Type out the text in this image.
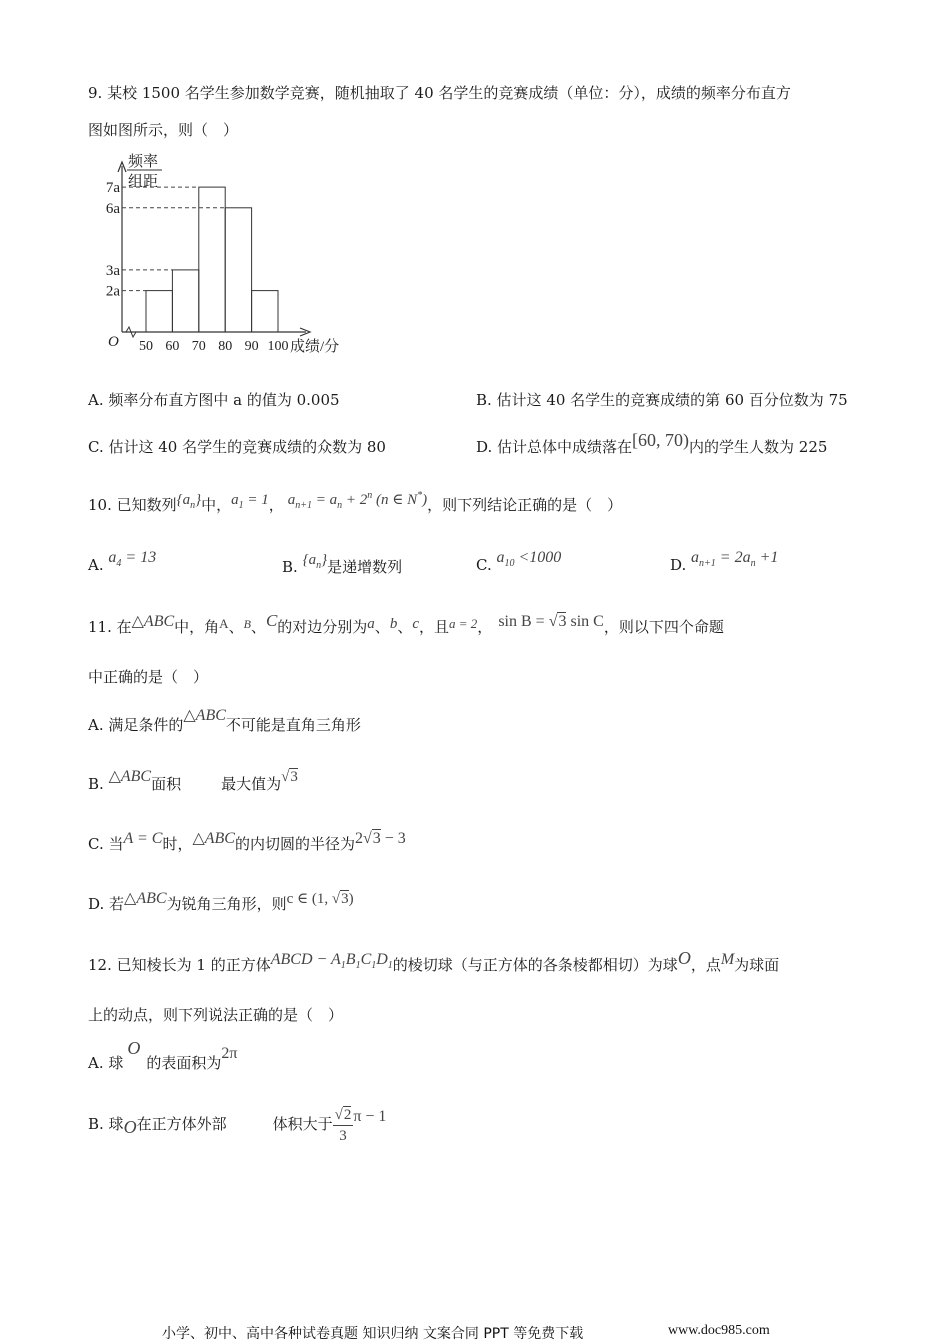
9. 某校 1500 名学生参加数学竞赛，随机抽取了 40 名学生的竞赛成绩（单位：分），成绩的频率分布直方
图如图所示，则（　）
频率
组距
O	成绩/分
7a
6a
3a
2a
50 60 70 80 90 100
A. 频率分布直方图中 a 的值为 0.005	B. 估计这 40 名学生的竞赛成绩的第 60 百分位数为 75
C. 估计这 40 名学生的竞赛成绩的众数为 80	D. 估计总体中成绩落在[60, 70)内的学生人数为 225
10. 已知数列$\{a_n\}$中，$a_1 = 1$， $a_{n+1} = a_n + 2^n$ (n ∈ N*)，则下列结论正确的是（　）
A. $a_4 = 13$
B. $\{a_n\}$是递增数列	C. $a_{10} <1000$	D. $a_{n+1} = 2a_n +1$
11. 在△ABC中，角A、$^B$、C的对边分别为a、b、c，且a = 2， sin B = √3 sin C，则以下四个命题
中正确的是（　）
A. 满足条件的△ABC不可能是直角三角形
B. △ABC面积	最大值为√3
C. 当A = C时，△ABC的内切圆的半径为2√3 − 3
D. 若△ABC为锐角三角形，则c ∈ (1, √3)
12. 已知棱长为 1 的正方体ABCD − $A_1B_1C_1D_1$的棱切球（与正方体的各条棱都相切）为球O，点M为球面
上的动点，则下列说法正确的是（　）
A. 球O的表面积为2π
B. 球O在正方体外部	体积大于 $\frac{√2}{3}$ π − 1
小学、初中、高中各种试卷真题 知识归纳 文案合同 PPT 等免费下载	www.doc985.com
